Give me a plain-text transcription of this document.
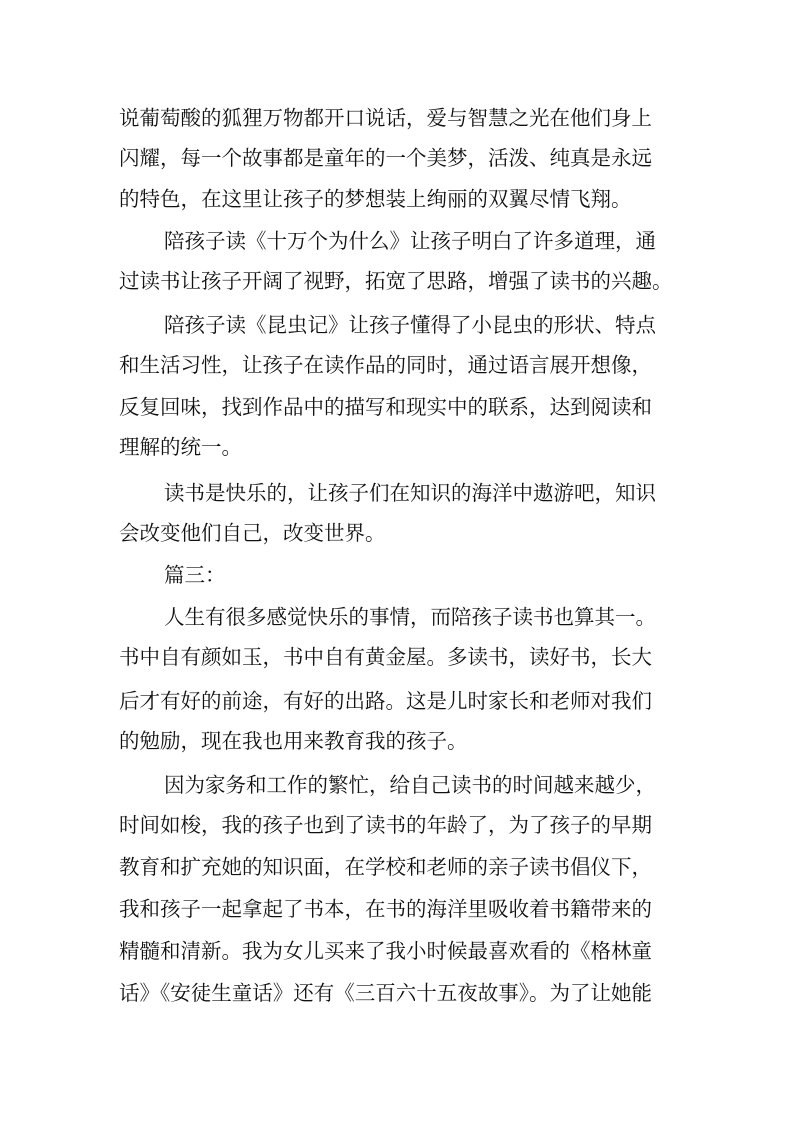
说葡萄酸的狐狸万物都开口说话，爱与智慧之光在他们身上
闪耀，每一个故事都是童年的一个美梦，活泼、纯真是永远
的特色，在这里让孩子的梦想装上绚丽的双翼尽情飞翔。
陪孩子读《十万个为什么》让孩子明白了许多道理，通
过读书让孩子开阔了视野，拓宽了思路，增强了读书的兴趣。
陪孩子读《昆虫记》让孩子懂得了小昆虫的形状、特点
和生活习性，让孩子在读作品的同时，通过语言展开想像，
反复回味，找到作品中的描写和现实中的联系，达到阅读和
理解的统一。
读书是快乐的，让孩子们在知识的海洋中遨游吧，知识
会改变他们自己，改变世界。
篇三：
人生有很多感觉快乐的事情，而陪孩子读书也算其一。
书中自有颜如玉，书中自有黄金屋。多读书，读好书，长大
后才有好的前途，有好的出路。这是儿时家长和老师对我们
的勉励，现在我也用来教育我的孩子。
因为家务和工作的繁忙，给自己读书的时间越来越少，
时间如梭，我的孩子也到了读书的年龄了，为了孩子的早期
教育和扩充她的知识面，在学校和老师的亲子读书倡仪下，
我和孩子一起拿起了书本，在书的海洋里吸收着书籍带来的
精髓和清新。我为女儿买来了我小时候最喜欢看的《格林童
话》《安徒生童话》还有《三百六十五夜故事》。为了让她能
